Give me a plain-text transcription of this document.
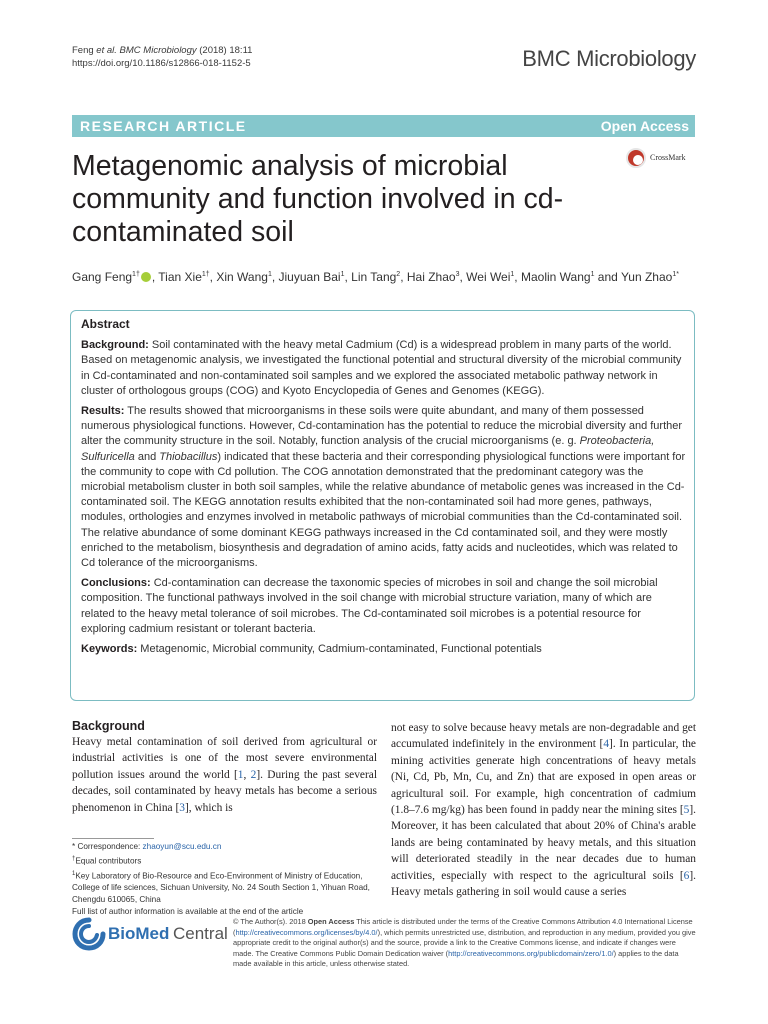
Feng et al. BMC Microbiology (2018) 18:11
https://doi.org/10.1186/s12866-018-1152-5	BMC Microbiology
RESEARCH ARTICLE	Open Access
Metagenomic analysis of microbial community and function involved in cd-contaminated soil
CrossMark
Gang Feng$^{1\dagger}$ , Tian Xie$^{1\dagger}$, Xin Wang$^1$, Jiuyuan Bai$^1$, Lin Tang$^2$, Hai Zhao$^3$, Wei Wei$^1$, Maolin Wang$^1$ and Yun Zhao$^{1*}$
Abstract

Background: Soil contaminated with the heavy metal Cadmium (Cd) is a widespread problem in many parts of the world. Based on metagenomic analysis, we investigated the functional potential and structural diversity of the microbial community in Cd-contaminated and non-contaminated soil samples and we explored the associated metabolic pathway network in cluster of orthologous groups (COG) and Kyoto Encyclopedia of Genes and Genomes (KEGG).

Results: The results showed that microorganisms in these soils were quite abundant, and many of them possessed numerous physiological functions. However, Cd-contamination has the potential to reduce the microbial diversity and further alter the community structure in the soil. Notably, function analysis of the crucial microorganisms (e. g. Proteobacteria, Sulfuricella and Thiobacillus) indicated that these bacteria and their corresponding physiological functions were important for the community to cope with Cd pollution. The COG annotation demonstrated that the predominant category was the microbial metabolism cluster in both soil samples, while the relative abundance of metabolic genes was increased in the Cd-contaminated soil. The KEGG annotation results exhibited that the non-contaminated soil had more genes, pathways, modules, orthologies and enzymes involved in metabolic pathways of microbial communities than the Cd-contaminated soil. The relative abundance of some dominant KEGG pathways increased in the Cd contaminated soil, and they were mostly enriched to the metabolism, biosynthesis and degradation of amino acids, fatty acids and nucleotides, which was related to Cd tolerance of the microorganisms.

Conclusions: Cd-contamination can decrease the taxonomic species of microbes in soil and change the soil microbial composition. The functional pathways involved in the soil change with microbial structure variation, many of which are related to the heavy metal tolerance of soil microbes. The Cd-contaminated soil microbes is a potential resource for exploring cadmium resistant or tolerant bacteria.

Keywords: Metagenomic, Microbial community, Cadmium-contaminated, Functional potentials

Background

Heavy metal contamination of soil derived from agricultural or industrial activities is one of the most severe environmental pollution issues around the world [1, 2]. During the past several decades, soil contaminated by heavy metals has become a serious phenomenon in China [3], which is

not easy to solve because heavy metals are non-degradable and get accumulated indefinitely in the environment [4]. In particular, the mining activities generate high concentrations of heavy metals (Ni, Cd, Pb, Mn, Cu, and Zn) that are exposed in open areas or agricultural soil. For example, high concentration of cadmium (1.8–7.6 mg/kg) has been found in paddy near the mining sites [5]. Moreover, it has been calculated that about 20% of China's arable lands are being contaminated by heavy metals, and this situation will deteriorated steadily in the near decades due to human activities, especially with respect to the agricultural soils [6]. Heavy metals gathering in soil would cause a series

* Correspondence: zhaoyun@scu.edu.cn

†Equal contributors

$^1$Key Laboratory of Bio-Resource and Eco-Environment of Ministry of Education, College of life sciences, Sichuan University, No. 24 South Section 1, Yihuan Road, Chengdu 610065, China

Full list of author information is available at the end of the article

BioMed Central
© The Author(s). 2018 Open Access This article is distributed under the terms of the Creative Commons Attribution 4.0 International License (http://creativecommons.org/licenses/by/4.0/), which permits unrestricted use, distribution, and reproduction in any medium, provided you give appropriate credit to the original author(s) and the source, provide a link to the Creative Commons license, and indicate if changes were made. The Creative Commons Public Domain Dedication waiver (http://creativecommons.org/publicdomain/zero/1.0/) applies to the data made available in this article, unless otherwise stated.
